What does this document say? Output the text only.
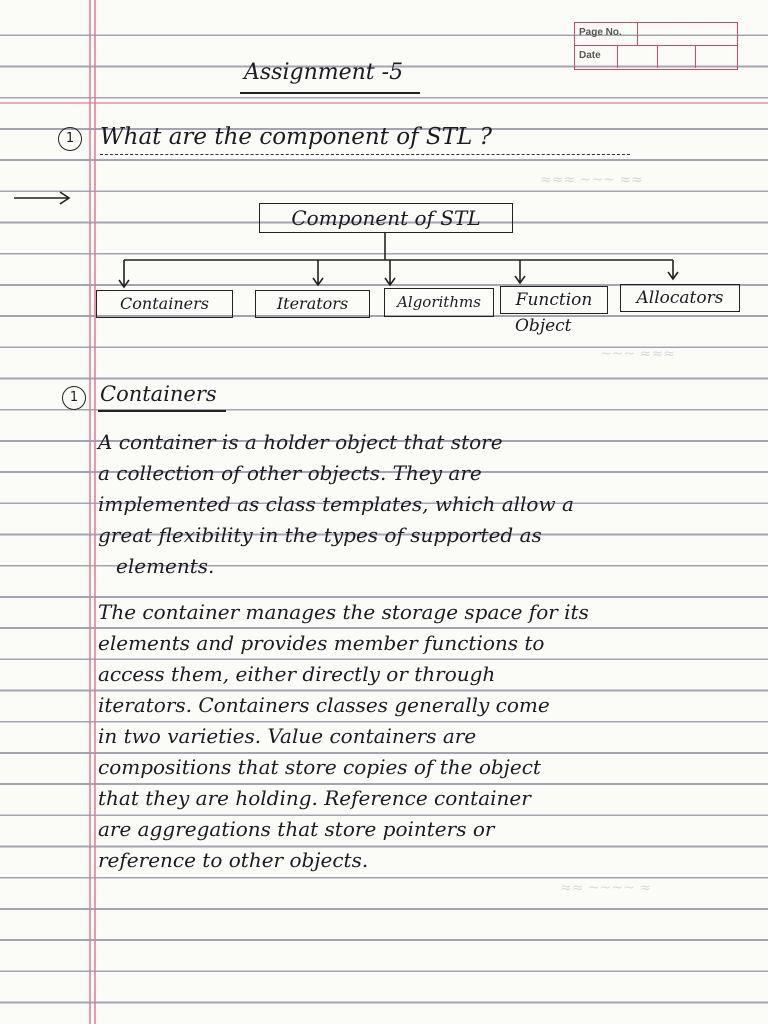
≈≈≈ ~~~ ≈≈
~~~ ≈≈≈
≈≈ ~~~~ ≈
Page No.
Date
Assignment -5
1	What are the component of STL ?
Component of STL
Containers	Iterators	Algorithms	Function	Allocators
Object
1	Containers
A container is a holder object that store
a collection of other objects. They are
implemented as class templates, which allow a
great flexibility in the types of supported as
elements.
The container manages the storage space for its
elements and provides member functions to
access them, either directly or through
iterators. Containers classes generally come
in two varieties. Value containers are
compositions that store copies of the object
that they are holding. Reference container
are aggregations that store pointers or
reference to other objects.
